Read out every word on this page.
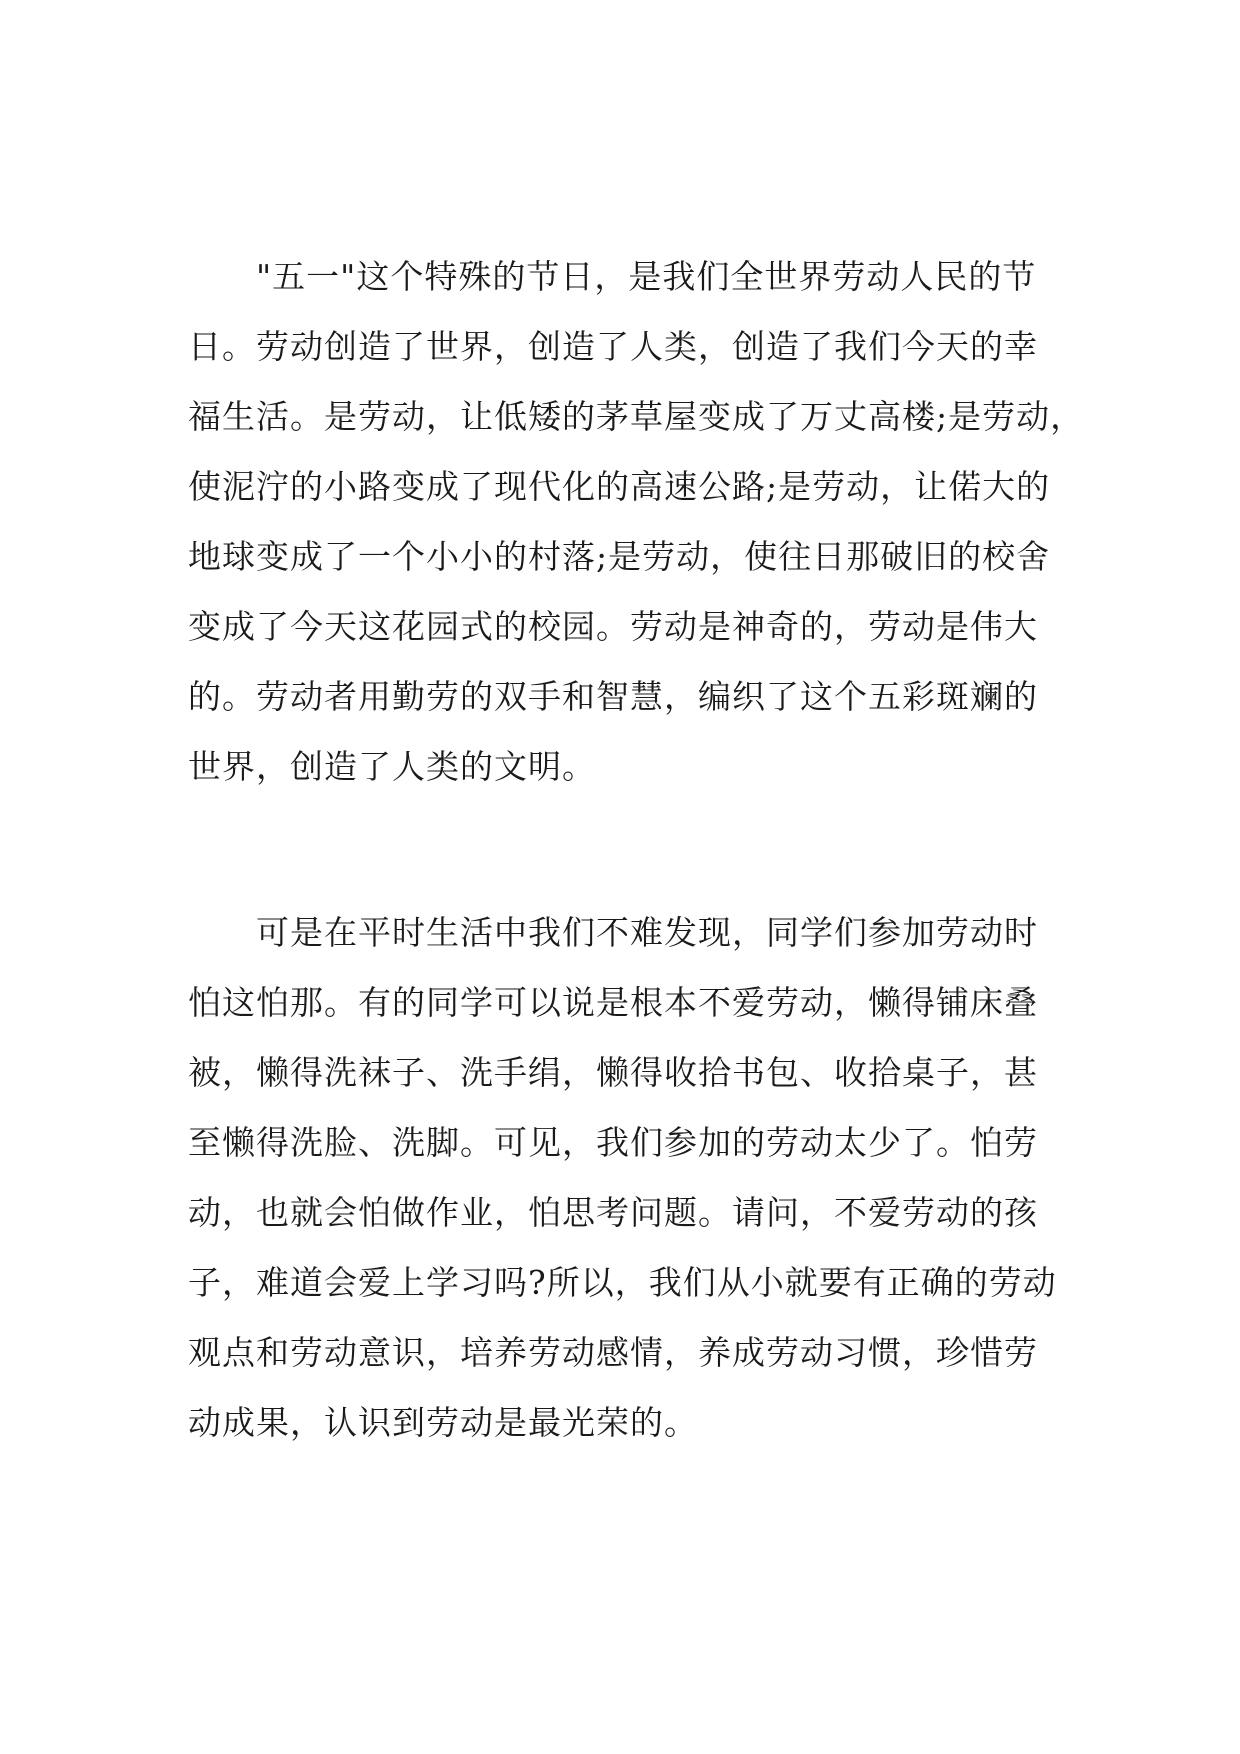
"五一"这个特殊的节日，是我们全世界劳动人民的节
日。劳动创造了世界，创造了人类，创造了我们今天的幸
福生活。是劳动，让低矮的茅草屋变成了万丈高楼;是劳动，
使泥泞的小路变成了现代化的高速公路;是劳动，让偌大的
地球变成了一个小小的村落;是劳动，使往日那破旧的校舍
变成了今天这花园式的校园。劳动是神奇的，劳动是伟大
的。劳动者用勤劳的双手和智慧，编织了这个五彩斑斓的
世界，创造了人类的文明。
可是在平时生活中我们不难发现，同学们参加劳动时
怕这怕那。有的同学可以说是根本不爱劳动，懒得铺床叠
被，懒得洗袜子、洗手绢，懒得收拾书包、收拾桌子，甚
至懒得洗脸、洗脚。可见，我们参加的劳动太少了。怕劳
动，也就会怕做作业，怕思考问题。请问，不爱劳动的孩
子，难道会爱上学习吗?所以，我们从小就要有正确的劳动
观点和劳动意识，培养劳动感情，养成劳动习惯，珍惜劳
动成果，认识到劳动是最光荣的。
